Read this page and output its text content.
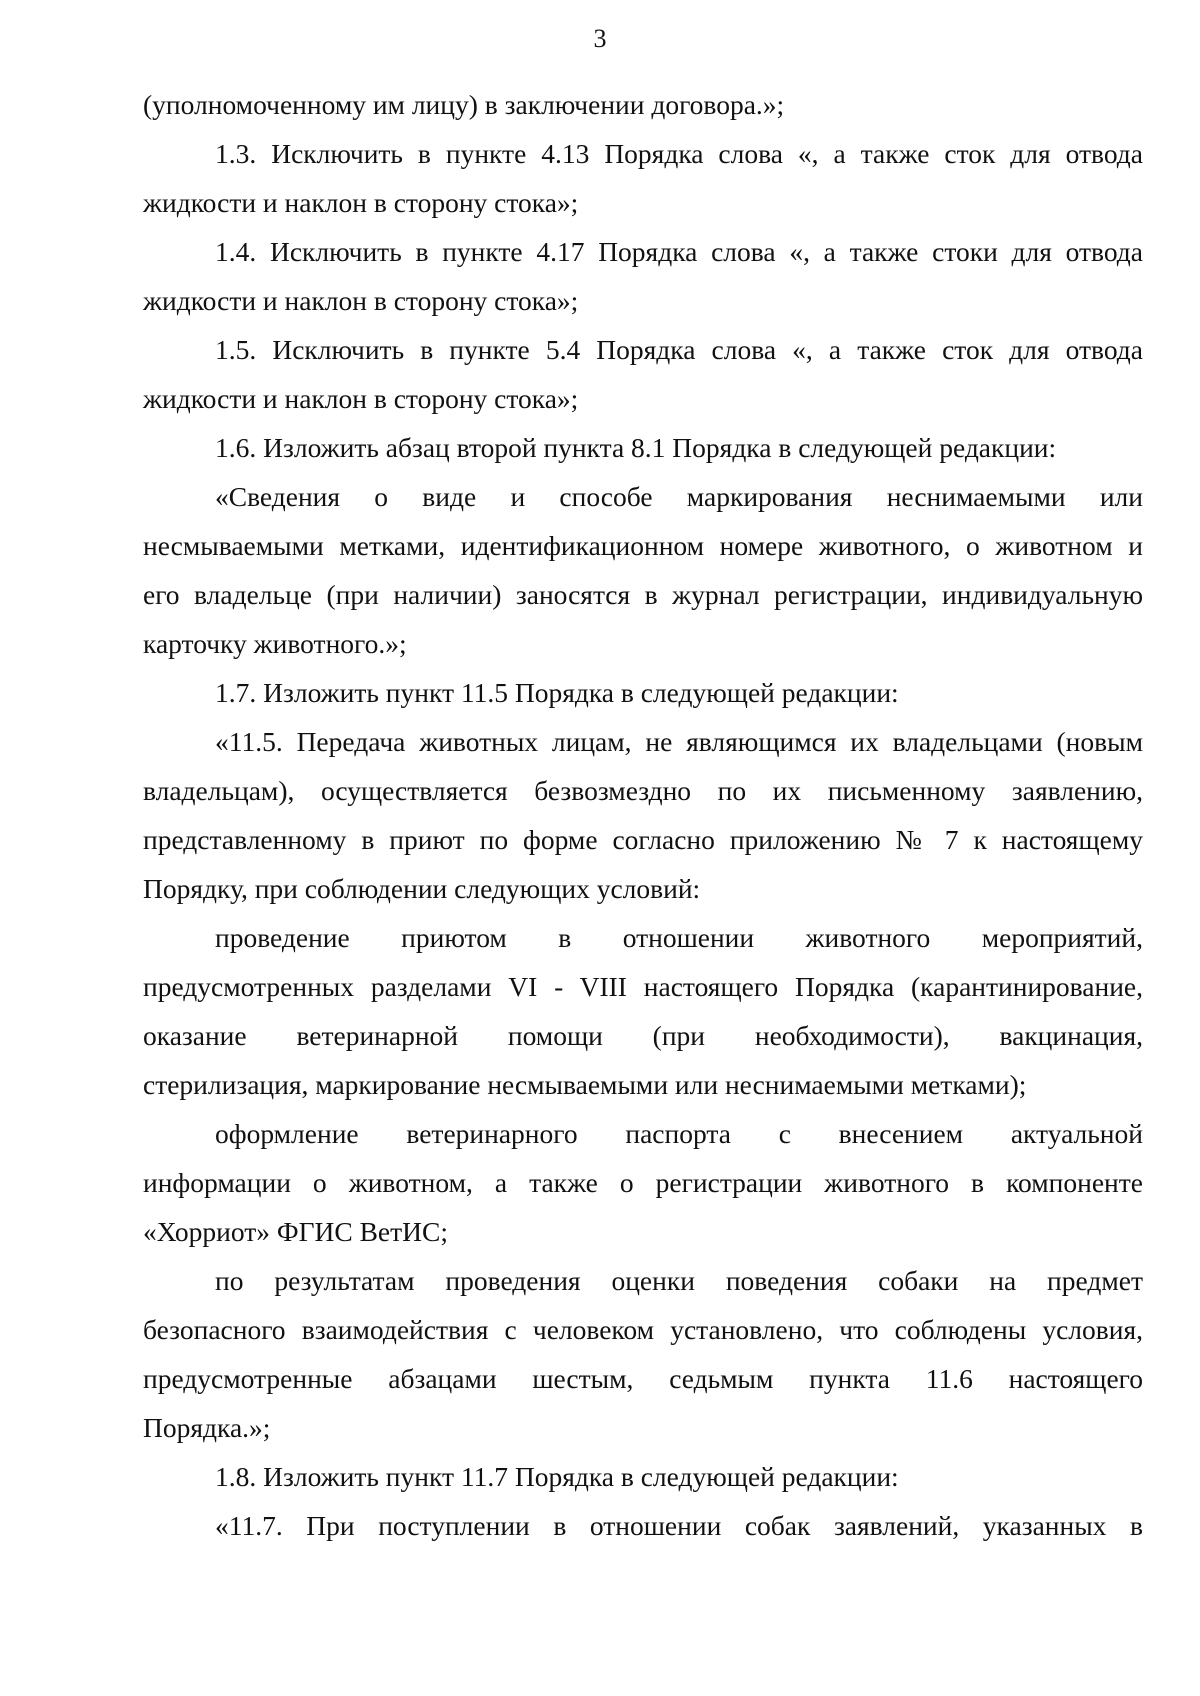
3
(уполномоченному им лицу) в заключении договора.»;
1.3. Исключить в пункте 4.13 Порядка слова «, а также сток для отвода
жидкости и наклон в сторону стока»;
1.4. Исключить в пункте 4.17 Порядка слова «, а также стоки для отвода
жидкости и наклон в сторону стока»;
1.5. Исключить в пункте 5.4 Порядка слова «, а также сток для отвода
жидкости и наклон в сторону стока»;
1.6. Изложить абзац второй пункта 8.1 Порядка в следующей редакции:
«Сведения о виде и способе маркирования неснимаемыми или
несмываемыми метками, идентификационном номере животного, о животном и
его владельце (при наличии) заносятся в журнал регистрации, индивидуальную
карточку животного.»;
1.7. Изложить пункт 11.5 Порядка в следующей редакции:
«11.5. Передача животных лицам, не являющимся их владельцами (новым
владельцам), осуществляется безвозмездно по их письменному заявлению,
представленному в приют по форме согласно приложению № 7 к настоящему
Порядку, при соблюдении следующих условий:
проведение приютом в отношении животного мероприятий,
предусмотренных разделами VI - VIII настоящего Порядка (карантинирование,
оказание ветеринарной помощи (при необходимости), вакцинация,
стерилизация, маркирование несмываемыми или неснимаемыми метками);
оформление ветеринарного паспорта с внесением актуальной
информации о животном, а также о регистрации животного в компоненте
«Хорриот» ФГИС ВетИС;
по результатам проведения оценки поведения собаки на предмет
безопасного взаимодействия с человеком установлено, что соблюдены условия,
предусмотренные абзацами шестым, седьмым пункта 11.6 настоящего
Порядка.»;
1.8. Изложить пункт 11.7 Порядка в следующей редакции:
«11.7. При поступлении в отношении собак заявлений, указанных в
